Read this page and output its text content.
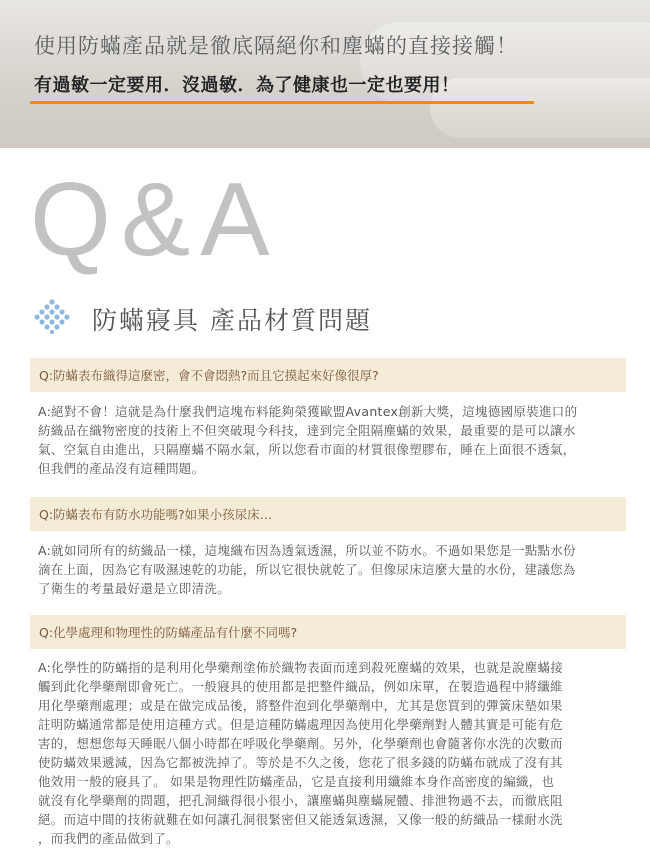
使用防蟎產品就是徹底隔絕你和塵蟎的直接接觸！
有過敏一定要用．沒過敏．為了健康也一定也要用！
Q&A
防蟎寢具 產品材質問題
Q:防蟎表布織得這麼密，會不會悶熱?而且它摸起來好像很厚?
A:絕對不會！這就是為什麼我們這塊布料能夠榮獲歐盟Avantex創新大獎，這塊德國原裝進口的
紡織品在織物密度的技術上不但突破現今科技，達到完全阻隔塵蟎的效果，最重要的是可以讓水
氣、空氣自由進出，只隔塵蟎不隔水氣，所以您看市面的材質很像塑膠布，睡在上面很不透氣，
但我們的產品沒有這種問題。
Q:防蟎表布有防水功能嗎?如果小孩尿床…
A:就如同所有的紡織品一樣，這塊織布因為透氣透濕，所以並不防水。不過如果您是一點點水份
滴在上面，因為它有吸濕速乾的功能，所以它很快就乾了。但像尿床這麼大量的水份，建議您為
了衛生的考量最好還是立即清洗。
Q:化學處理和物理性的防蟎產品有什麼不同嗎?
A:化學性的防蟎指的是利用化學藥劑塗佈於織物表面而達到殺死塵蟎的效果，也就是說塵蟎接
觸到此化學藥劑即會死亡。一般寢具的使用都是把整件織品，例如床單，在製造過程中將纖維
用化學藥劑處理；或是在做完成品後，將整件泡到化學藥劑中，尤其是您買到的彈簧床墊如果
註明防蟎通常都是使用這種方式。但是這種防蟎處理因為使用化學藥劑對人體其實是可能有危
害的，想想您每天睡眠八個小時都在呼吸化學藥劑。另外，化學藥劑也會隨著你水洗的次數而
使防蟎效果遞減，因為它都被洗掉了。等於是不久之後，您花了很多錢的防蟎布就成了沒有其
他效用一般的寢具了。 如果是物理性防蟎產品，它是直接利用纖維本身作高密度的編織，也
就沒有化學藥劑的問題，把孔洞織得很小很小，讓塵蟎與塵蟎屍體、排泄物過不去，而徹底阻
絕。而這中間的技術就難在如何讓孔洞很緊密但又能透氣透濕，又像一般的紡織品一樣耐水洗
，而我們的產品做到了。
